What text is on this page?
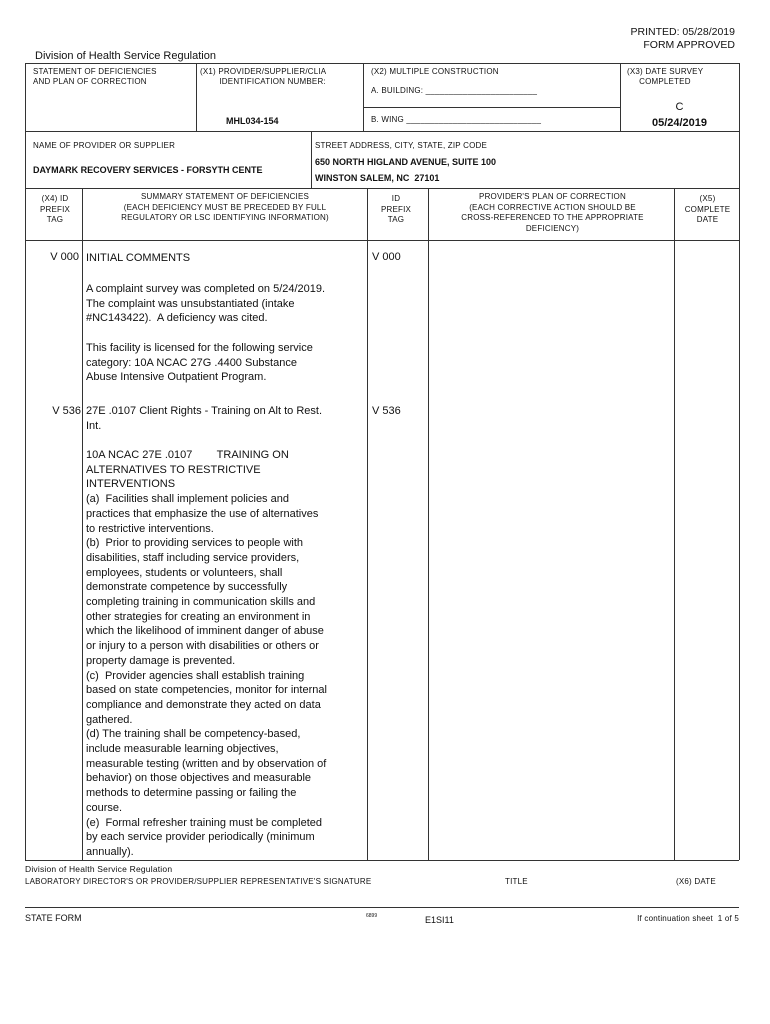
PRINTED: 05/28/2019
FORM APPROVED
Division of Health Service Regulation
STATEMENT OF DEFICIENCIES
AND PLAN OF CORRECTION
(X1) PROVIDER/SUPPLIER/CLIA
IDENTIFICATION NUMBER:
MHL034-154
(X2) MULTIPLE CONSTRUCTION
A. BUILDING: ________________________
B. WING _____________________________
(X3) DATE SURVEY
COMPLETED
C
05/24/2019
NAME OF PROVIDER OR SUPPLIER
DAYMARK RECOVERY SERVICES - FORSYTH CENTE
STREET ADDRESS, CITY, STATE, ZIP CODE
650 NORTH HIGLAND AVENUE, SUITE 100
WINSTON SALEM, NC  27101
(X4) ID
PREFIX
TAG
SUMMARY STATEMENT OF DEFICIENCIES
(EACH DEFICIENCY MUST BE PRECEDED BY FULL
REGULATORY OR LSC IDENTIFYING INFORMATION)
ID
PREFIX
TAG
PROVIDER'S PLAN OF CORRECTION
(EACH CORRECTIVE ACTION SHOULD BE
CROSS-REFERENCED TO THE APPROPRIATE
DEFICIENCY)
(X5)
COMPLETE
DATE
V 000	V 000
INITIAL COMMENTS
A complaint survey was completed on 5/24/2019.
The complaint was unsubstantiated (intake
#NC143422).  A deficiency was cited.
This facility is licensed for the following service
category: 10A NCAC 27G .4400 Substance
Abuse Intensive Outpatient Program.
V 536	V 536
27E .0107 Client Rights - Training on Alt to Rest.
Int.
10A NCAC 27E .0107        TRAINING ON
ALTERNATIVES TO RESTRICTIVE
INTERVENTIONS
(a)  Facilities shall implement policies and
practices that emphasize the use of alternatives
to restrictive interventions.
(b)  Prior to providing services to people with
disabilities, staff including service providers,
employees, students or volunteers, shall
demonstrate competence by successfully
completing training in communication skills and
other strategies for creating an environment in
which the likelihood of imminent danger of abuse
or injury to a person with disabilities or others or
property damage is prevented.
(c)  Provider agencies shall establish training
based on state competencies, monitor for internal
compliance and demonstrate they acted on data
gathered.
(d) The training shall be competency-based,
include measurable learning objectives,
measurable testing (written and by observation of
behavior) on those objectives and measurable
methods to determine passing or failing the
course.
(e)  Formal refresher training must be completed
by each service provider periodically (minimum
annually).
Division of Health Service Regulation
LABORATORY DIRECTOR'S OR PROVIDER/SUPPLIER REPRESENTATIVE'S SIGNATURE	TITLE	(X6) DATE
STATE FORM	6899	E1SI11	If continuation sheet  1 of 5
